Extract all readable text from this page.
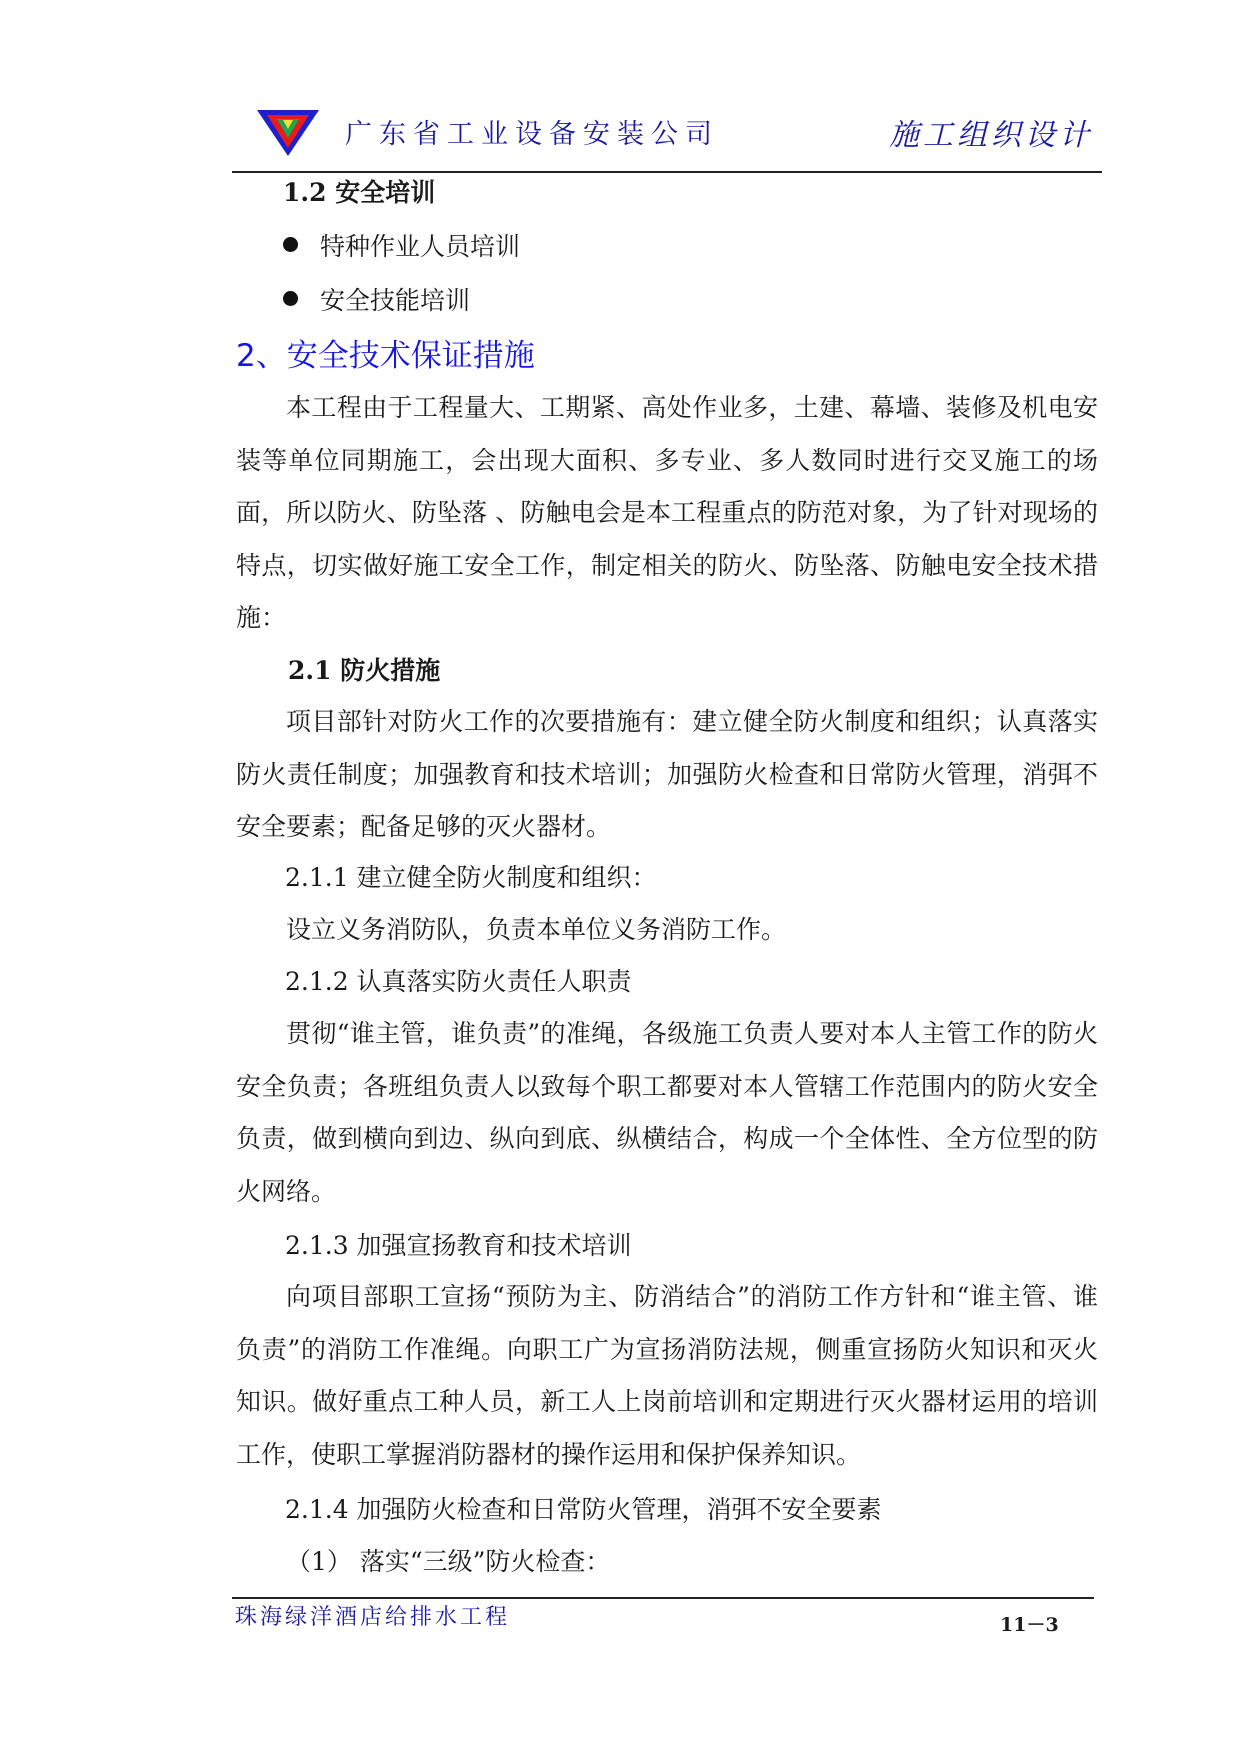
广东省工业设备安装公司	施工组织设计
1.2 安全培训
特种作业人员培训
安全技能培训
2、安全技术保证措施
本工程由于工程量大、工期紧、高处作业多，土建、幕墙、装修及机电安装等单位同期施工，会出现大面积、多专业、多人数同时进行交叉施工的场面，所以防火、防坠落 、防触电会是本工程重点的防范对象，为了针对现场的特点，切实做好施工安全工作，制定相关的防火、防坠落、防触电安全技术措施：
2.1 防火措施
项目部针对防火工作的次要措施有：建立健全防火制度和组织；认真落实防火责任制度；加强教育和技术培训；加强防火检查和日常防火管理，消弭不安全要素；配备足够的灭火器材。
2.1.1 建立健全防火制度和组织：
设立义务消防队，负责本单位义务消防工作。
2.1.2 认真落实防火责任人职责
贯彻“谁主管，谁负责”的准绳，各级施工负责人要对本人主管工作的防火安全负责；各班组负责人以致每个职工都要对本人管辖工作范围内的防火安全负责，做到横向到边、纵向到底、纵横结合，构成一个全体性、全方位型的防火网络。
2.1.3 加强宣扬教育和技术培训
向项目部职工宣扬“预防为主、防消结合”的消防工作方针和“谁主管、谁负责”的消防工作准绳。向职工广为宣扬消防法规，侧重宣扬防火知识和灭火知识。做好重点工种人员，新工人上岗前培训和定期进行灭火器材运用的培训工作，使职工掌握消防器材的操作运用和保护保养知识。
2.1.4 加强防火检查和日常防火管理，消弭不安全要素
（1） 落实“三级”防火检查：
珠海绿洋酒店给排水工程	11－3
